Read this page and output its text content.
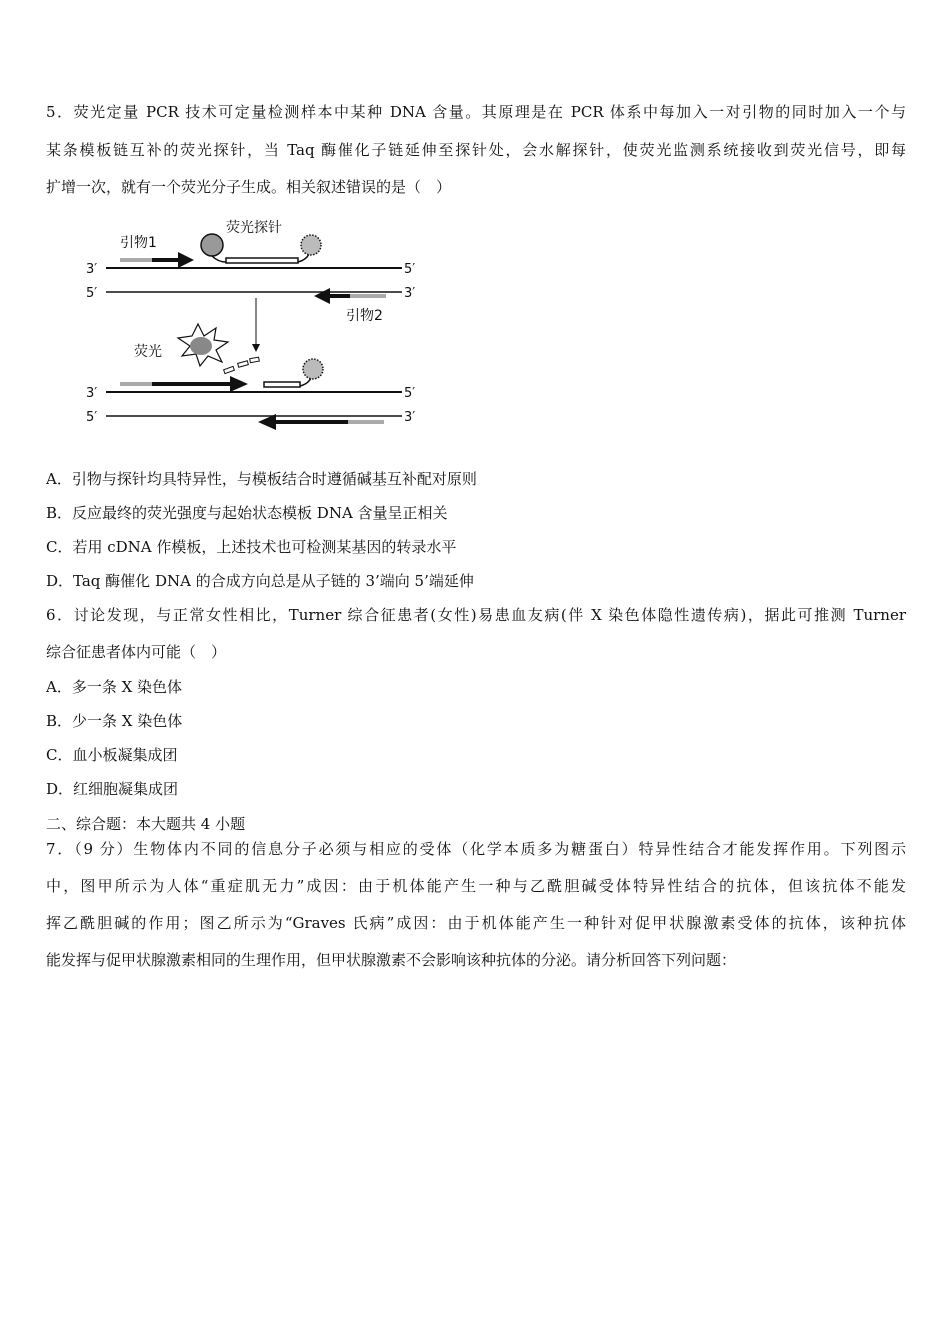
5．荧光定量 PCR 技术可定量检测样本中某种 DNA 含量。其原理是在 PCR 体系中每加入一对引物的同时加入一个与
某条模板链互补的荧光探针，当 Taq 酶催化子链延伸至探针处，会水解探针，使荧光监测系统接收到荧光信号，即每
扩增一次，就有一个荧光分子生成。相关叙述错误的是（　）
荧光探针
引物1
引物2
荧光
3′	5′
5′	3′
3′	5′
5′	3′
A．引物与探针均具特异性，与模板结合时遵循碱基互补配对原则
B．反应最终的荧光强度与起始状态模板 DNA 含量呈正相关
C．若用 cDNA 作模板，上述技术也可检测某基因的转录水平
D．Taq 酶催化 DNA 的合成方向总是从子链的 3’端向 5’端延伸
6．讨论发现，与正常女性相比，Turner 综合征患者(女性)易患血友病(伴 X 染色体隐性遗传病)，据此可推测 Turner
综合征患者体内可能（　）
A．多一条 X 染色体
B．少一条 X 染色体
C．血小板凝集成团
D．红细胞凝集成团
二、综合题：本大题共 4 小题
7．（9 分）生物体内不同的信息分子必须与相应的受体（化学本质多为糖蛋白）特异性结合才能发挥作用。下列图示
中，图甲所示为人体“重症肌无力”成因：由于机体能产生一种与乙酰胆碱受体特异性结合的抗体，但该抗体不能发
挥乙酰胆碱的作用；图乙所示为“Graves 氏病”成因：由于机体能产生一种针对促甲状腺激素受体的抗体，该种抗体
能发挥与促甲状腺激素相同的生理作用，但甲状腺激素不会影响该种抗体的分泌。请分析回答下列问题：
